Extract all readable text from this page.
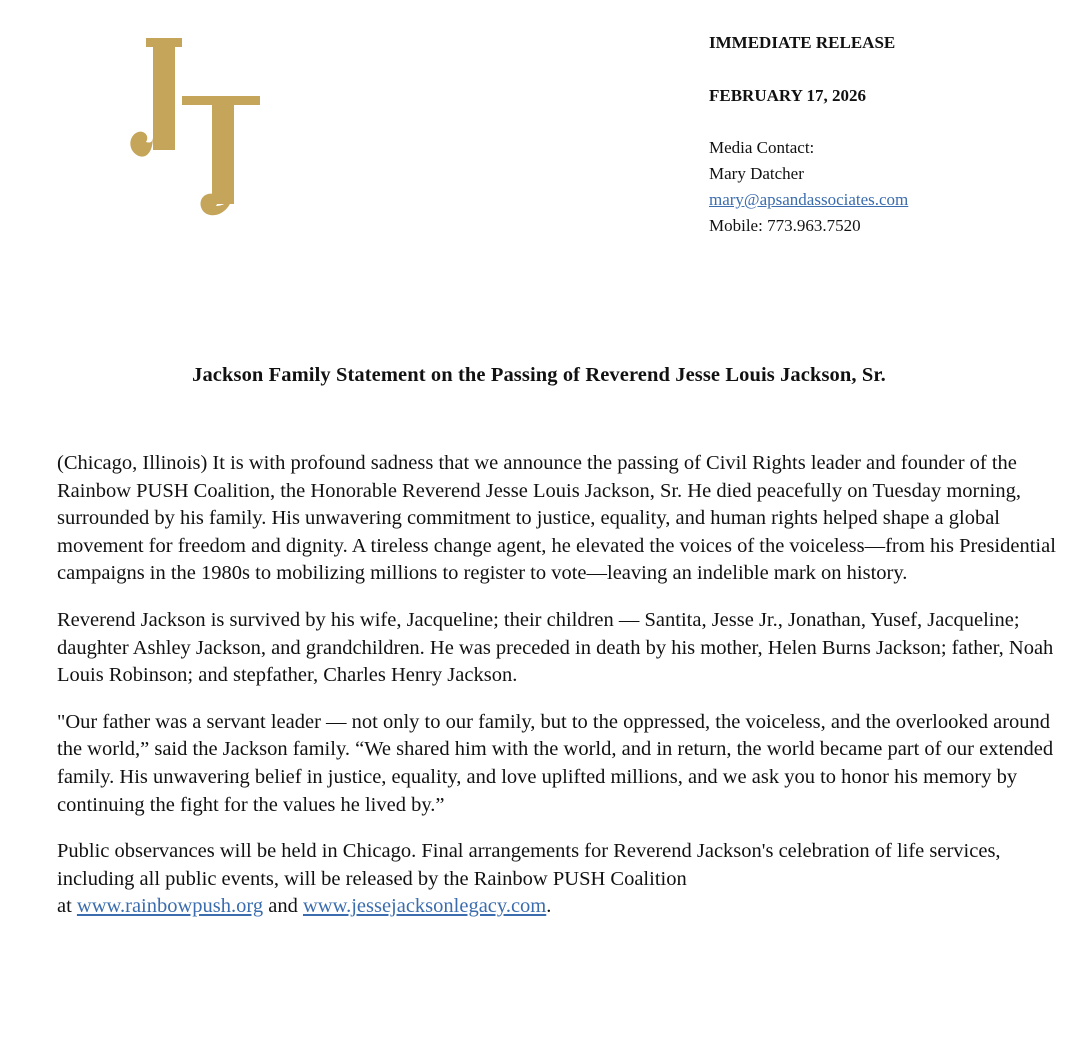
IMMEDIATE RELEASE
FEBRUARY 17, 2026
Media Contact:
Mary Datcher
mary@apsandassociates.com
Mobile: 773.963.7520
Jackson Family Statement on the Passing of Reverend Jesse Louis Jackson, Sr.

(Chicago, Illinois) It is with profound sadness that we announce the passing of Civil Rights leader and founder of the Rainbow PUSH Coalition, the Honorable Reverend Jesse Louis Jackson, Sr. He died peacefully on Tuesday morning, surrounded by his family. His unwavering commitment to justice, equality, and human rights helped shape a global movement for freedom and dignity. A tireless change agent, he elevated the voices of the voiceless—from his Presidential campaigns in the 1980s to mobilizing millions to register to vote—leaving an indelible mark on history.

Reverend Jackson is survived by his wife, Jacqueline; their children — Santita, Jesse Jr., Jonathan, Yusef, Jacqueline; daughter Ashley Jackson, and grandchildren. He was preceded in death by his mother, Helen Burns Jackson; father, Noah Louis Robinson; and stepfather, Charles Henry Jackson.

"Our father was a servant leader — not only to our family, but to the oppressed, the voiceless, and the overlooked around the world,” said the Jackson family. “We shared him with the world, and in return, the world became part of our extended family. His unwavering belief in justice, equality, and love uplifted millions, and we ask you to honor his memory by continuing the fight for the values he lived by.”

Public observances will be held in Chicago. Final arrangements for Reverend Jackson's celebration of life services, including all public events, will be released by the Rainbow PUSH Coalition
at www.rainbowpush.org and www.jessejacksonlegacy.com.
